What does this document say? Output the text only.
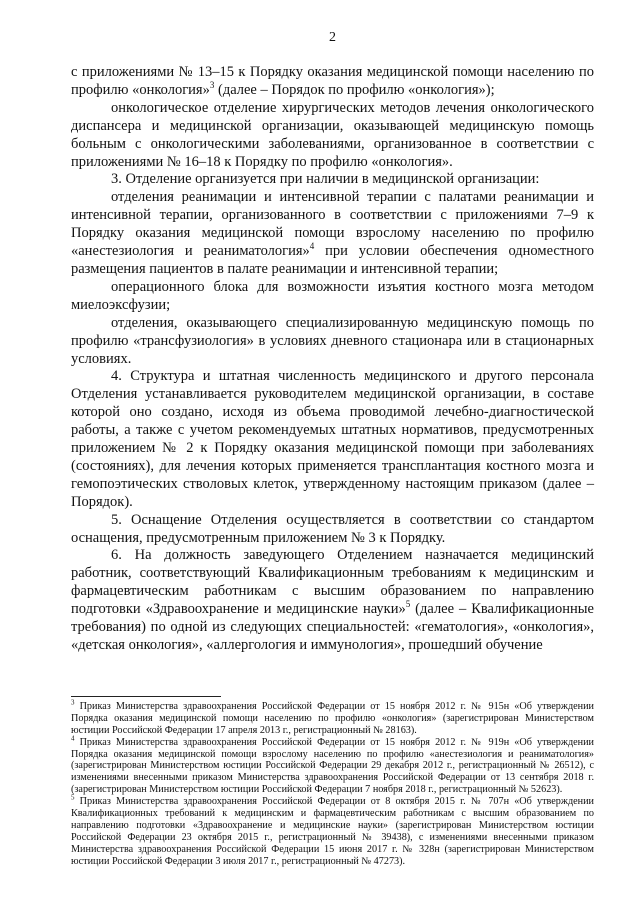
2

с приложениями № 13–15 к Порядку оказания медицинской помощи населению по профилю «онкология»$^3$ (далее – Порядок по профилю «онкология»);

онкологическое отделение хирургических методов лечения онкологического диспансера и медицинской организации, оказывающей медицинскую помощь больным с онкологическими заболеваниями, организованное в соответствии с приложениями № 16–18 к Порядку по профилю «онкология».

3. Отделение организуется при наличии в медицинской организации:

отделения реанимации и интенсивной терапии с палатами реанимации и интенсивной терапии, организованного в соответствии с приложениями 7–9 к Порядку оказания медицинской помощи взрослому населению по профилю «анестезиология и реаниматология»$^4$ при условии обеспечения одноместного размещения пациентов в палате реанимации и интенсивной терапии;

операционного блока для возможности изъятия костного мозга методом миелоэксфузии;

отделения, оказывающего специализированную медицинскую помощь по профилю «трансфузиология» в условиях дневного стационара или в стационарных условиях.

4. Структура и штатная численность медицинского и другого персонала Отделения устанавливается руководителем медицинской организации, в составе которой оно создано, исходя из объема проводимой лечебно-диагностической работы, а также с учетом рекомендуемых штатных нормативов, предусмотренных приложением № 2 к Порядку оказания медицинской помощи при заболеваниях (состояниях), для лечения которых применяется трансплантация костного мозга и гемопоэтических стволовых клеток, утвержденному настоящим приказом (далее – Порядок).

5. Оснащение Отделения осуществляется в соответствии со стандартом оснащения, предусмотренным приложением № 3 к Порядку.

6. На должность заведующего Отделением назначается медицинский работник, соответствующий Квалификационным требованиям к медицинским и фармацевтическим работникам с высшим образованием по направлению подготовки «Здравоохранение и медицинские науки»$^5$ (далее – Квалификационные требования) по одной из следующих специальностей: «гематология», «онкология», «детская онкология», «аллергология и иммунология», прошедший обучение

$^3$ Приказ Министерства здравоохранения Российской Федерации от 15 ноября 2012 г. № 915н «Об утверждении Порядка оказания медицинской помощи населению по профилю «онкология» (зарегистрирован Министерством юстиции Российской Федерации 17 апреля 2013 г., регистрационный № 28163).

$^4$ Приказ Министерства здравоохранения Российской Федерации от 15 ноября 2012 г. № 919н «Об утверждении Порядка оказания медицинской помощи взрослому населению по профилю «анестезиология и реаниматология» (зарегистрирован Министерством юстиции Российской Федерации 29 декабря 2012 г., регистрационный № 26512), с изменениями внесенными приказом Министерства здравоохранения Российской Федерации от 13 сентября 2018 г. (зарегистрирован Министерством юстиции Российской Федерации 7 ноября 2018 г., регистрационный № 52623).

$^5$ Приказ Министерства здравоохранения Российской Федерации от 8 октября 2015 г. № 707н «Об утверждении Квалификационных требований к медицинским и фармацевтическим работникам с высшим образованием по направлению подготовки «Здравоохранение и медицинские науки» (зарегистрирован Министерством юстиции Российской Федерации 23 октября 2015 г., регистрационный № 39438), с изменениями внесенными приказом Министерства здравоохранения Российской Федерации 15 июня 2017 г. № 328н (зарегистрирован Министерством юстиции Российской Федерации 3 июля 2017 г., регистрационный № 47273).
